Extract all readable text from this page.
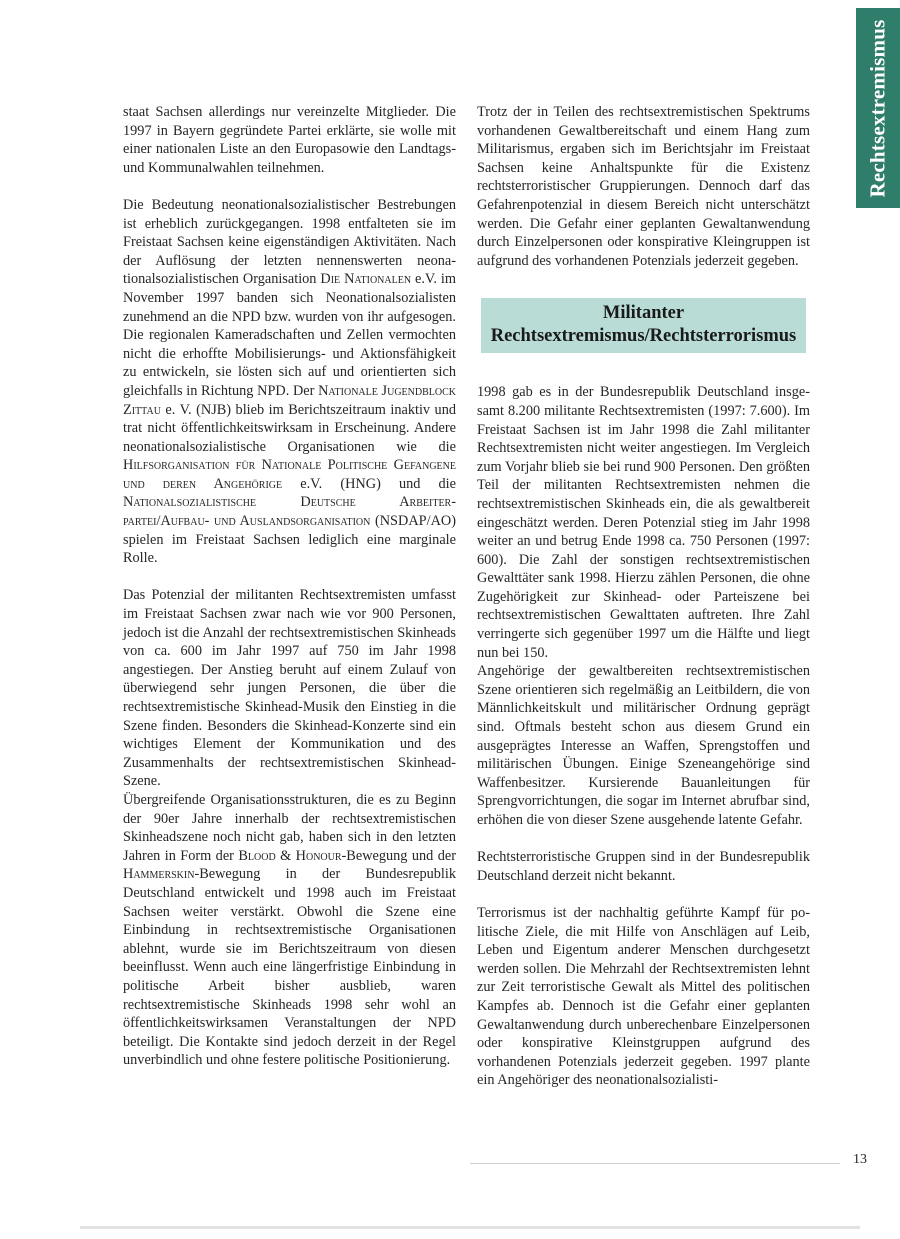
Rechtsextremismus

staat Sachsen allerdings nur vereinzelte Mitglieder. Die 1997 in Bayern gegründete Partei erklärte, sie wolle mit einer nationalen Liste an den Europasowie den Landtags- und Kommunalwahlen teilnehmen.

Die Bedeutung neonationalsozialistischer Bestrebungen ist erheblich zurückgegangen. 1998 entfalteten sie im Freistaat Sachsen keine eigenständigen Aktivitäten. Nach der Auflösung der letzten nennenswerten neonationalsozialistischen Organisation Die Nationalen e.V. im November 1997 banden sich Neonationalsozialisten zunehmend an die NPD bzw. wurden von ihr aufgesogen. Die regionalen Kameradschaften und Zellen vermochten nicht die erhoffte Mobilisierungs- und Aktionsfähigkeit zu entwickeln, sie lösten sich auf und orientierten sich gleichfalls in Richtung NPD. Der Nationale Jugendblock Zittau e. V. (NJB) blieb im Berichtszeitraum inaktiv und trat nicht öffentlichkeitswirksam in Erscheinung. Andere neonationalsozialistische Organisationen wie die Hilfsorganisation für Nationale Politische Gefangene und deren Angehörige e.V. (HNG) und die Nationalsozialistische Deutsche Arbeiterpartei/Aufbau- und Auslandsorganisation (NSDAP/AO) spielen im Freistaat Sachsen lediglich eine marginale Rolle.

Das Potenzial der militanten Rechtsextremisten umfasst im Freistaat Sachsen zwar nach wie vor 900 Personen, jedoch ist die Anzahl der rechtsextremistischen Skinheads von ca. 600 im Jahr 1997 auf 750 im Jahr 1998 angestiegen. Der Anstieg beruht auf einem Zulauf von überwiegend sehr jungen Personen, die über die rechtsextremistische Skinhead-Musik den Einstieg in die Szene finden. Besonders die Skinhead-Konzerte sind ein wichtiges Element der Kommunikation und des Zusammenhalts der rechtsextremistischen Skinhead-Szene.

Übergreifende Organisationsstrukturen, die es zu Beginn der 90er Jahre innerhalb der rechtsextremistischen Skinheadszene noch nicht gab, haben sich in den letzten Jahren in Form der Blood & Honour-Bewegung und der Hammerskin-Bewegung in der Bundesrepublik Deutschland entwickelt und 1998 auch im Freistaat Sachsen weiter verstärkt. Obwohl die Szene eine Einbindung in rechtsextremistische Organisationen ablehnt, wurde sie im Berichtszeitraum von diesen beeinflusst. Wenn auch eine längerfristige Einbindung in politische Arbeit bisher ausblieb, waren rechtsextremistische Skinheads 1998 sehr wohl an öffentlichkeitswirksamen Veranstaltungen der NPD beteiligt. Die Kontakte sind jedoch derzeit in der Regel unverbindlich und ohne festere politische Positionierung.

Trotz der in Teilen des rechtsextremistischen Spektrums vorhandenen Gewaltbereitschaft und einem Hang zum Militarismus, ergaben sich im Berichtsjahr im Freistaat Sachsen keine Anhaltspunkte für die Existenz rechtsterroristischer Gruppierungen. Dennoch darf das Gefahrenpotenzial in diesem Bereich nicht unterschätzt werden. Die Gefahr einer geplanten Gewaltanwendung durch Einzelpersonen oder konspirative Kleingruppen ist aufgrund des vorhandenen Potenzials jederzeit gegeben.

Militanter
Rechtsextremismus/Rechtsterrorismus

1998 gab es in der Bundesrepublik Deutschland insgesamt 8.200 militante Rechtsextremisten (1997: 7.600). Im Freistaat Sachsen ist im Jahr 1998 die Zahl militanter Rechtsextremisten nicht weiter angestiegen. Im Vergleich zum Vorjahr blieb sie bei rund 900 Personen. Den größten Teil der militanten Rechtsextremisten nehmen die rechtsextremistischen Skinheads ein, die als gewaltbereit eingeschätzt werden. Deren Potenzial stieg im Jahr 1998 weiter an und betrug Ende 1998 ca. 750 Personen (1997: 600). Die Zahl der sonstigen rechtsextremistischen Gewalttäter sank 1998. Hierzu zählen Personen, die ohne Zugehörigkeit zur Skinhead- oder Parteiszene bei rechtsextremistischen Gewalttaten auftreten. Ihre Zahl verringerte sich gegenüber 1997 um die Hälfte und liegt nun bei 150.

Angehörige der gewaltbereiten rechtsextremistischen Szene orientieren sich regelmäßig an Leitbildern, die von Männlichkeitskult und militärischer Ordnung geprägt sind. Oftmals besteht schon aus diesem Grund ein ausgeprägtes Interesse an Waffen, Sprengstoffen und militärischen Übungen. Einige Szeneangehörige sind Waffenbesitzer. Kursierende Bauanleitungen für Sprengvorrichtungen, die sogar im Internet abrufbar sind, erhöhen die von dieser Szene ausgehende latente Gefahr.

Rechtsterroristische Gruppen sind in der Bundesrepublik Deutschland derzeit nicht bekannt.

Terrorismus ist der nachhaltig geführte Kampf für politische Ziele, die mit Hilfe von Anschlägen auf Leib, Leben und Eigentum anderer Menschen durchgesetzt werden sollen. Die Mehrzahl der Rechtsextremisten lehnt zur Zeit terroristische Gewalt als Mittel des politischen Kampfes ab. Dennoch ist die Gefahr einer geplanten Gewaltanwendung durch unberechenbare Einzelpersonen oder konspirative Kleinstgruppen aufgrund des vorhandenen Potenzials jederzeit gegeben. 1997 plante ein Angehöriger des neonationalsozialisti-

13
